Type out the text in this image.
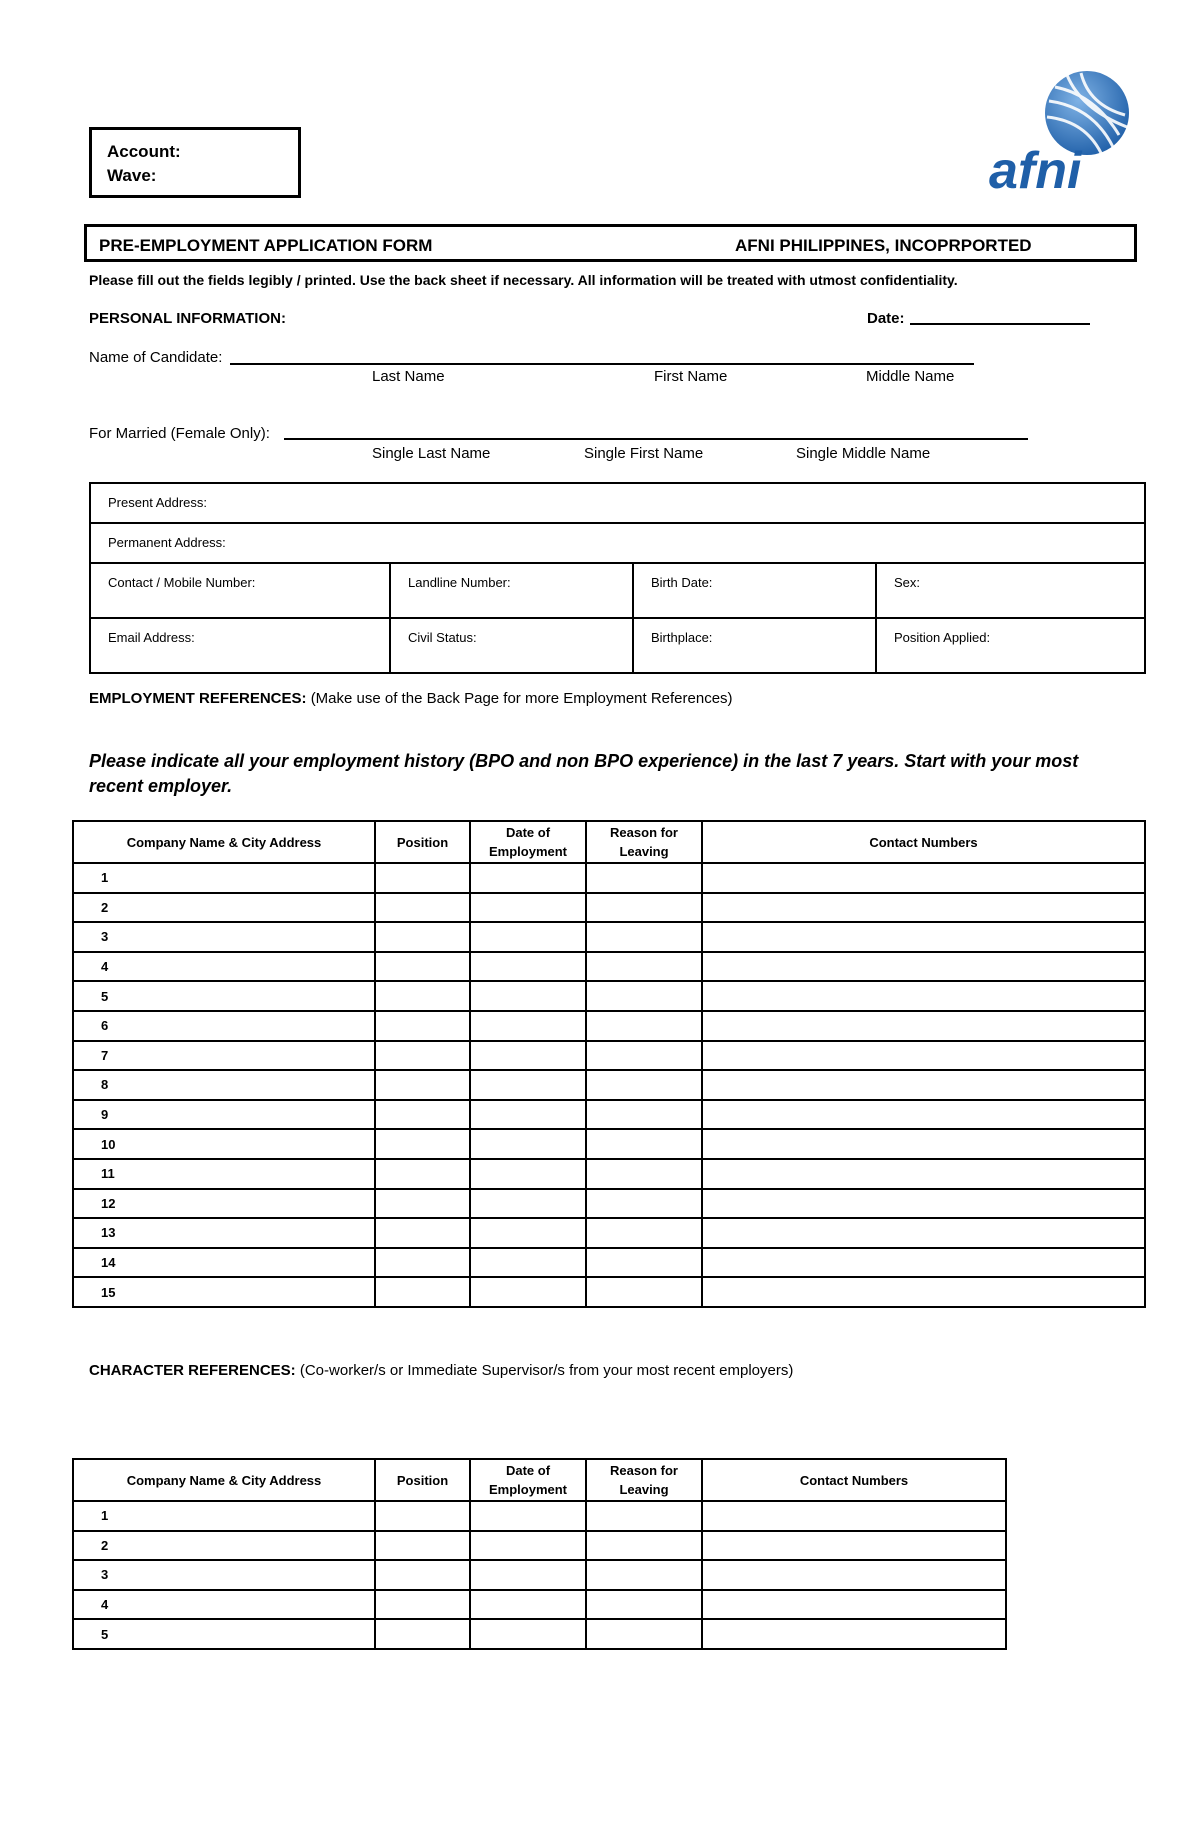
Account:
Wave:	afni
PRE-EMPLOYMENT APPLICATION FORM	AFNI PHILIPPINES, INCOPRPORTED
Please fill out the fields legibly / printed. Use the back sheet if necessary. All information will be treated with utmost confidentiality.
PERSONAL INFORMATION:	Date:
Name of Candidate:
Last Name	First Name	Middle Name
For Married (Female Only):
Single Last Name	Single First Name	Single Middle Name
Present Address:			
Permanent Address:			
Contact / Mobile Number:	Landline Number:	Birth Date:	Sex:
Email Address:	Civil Status:	Birthplace:	Position Applied:
EMPLOYMENT REFERENCES: (Make use of the Back Page for more Employment References)
Please indicate all your employment history (BPO and non BPO experience) in the last 7 years. Start with your most recent employer.
Company Name & City Address	Position	Date of Employment	Reason for Leaving	Contact Numbers
1				
2				
3				
4				
5				
6				
7				
8				
9				
10				
11				
12				
13				
14				
15				
CHARACTER REFERENCES: (Co-worker/s or Immediate Supervisor/s from your most recent employers)
Company Name & City Address	Position	Date of Employment	Reason for Leaving	Contact Numbers
1				
2				
3				
4				
5				
